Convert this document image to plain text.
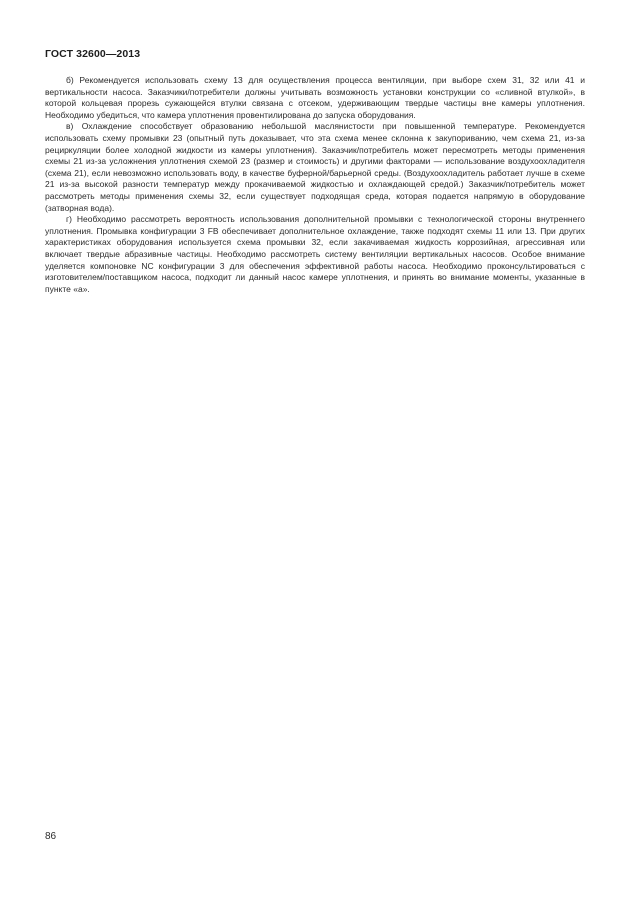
ГОСТ 32600—2013

б) Рекомендуется использовать схему 13 для осуществления процесса вентиляции, при выборе схем 31, 32 или 41 и вертикальности насоса. Заказчики/потребители должны учитывать возможность установки конструкции со «сливной втулкой», в которой кольцевая прорезь сужающейся втулки связана с отсеком, удерживающим твердые частицы вне камеры уплотнения. Необходимо убедиться, что камера уплотнения провентилирована до запуска оборудования.

в) Охлаждение способствует образованию небольшой маслянистости при повышенной температуре. Рекомендуется использовать схему промывки 23 (опытный путь доказывает, что эта схема менее склонна к закупориванию, чем схема 21, из-за рециркуляции более холодной жидкости из камеры уплотнения). Заказчик/потребитель может пересмотреть методы применения схемы 21 из-за усложнения уплотнения схемой 23 (размер и стоимость) и другими факторами — использование воздухоохладителя (схема 21), если невозможно использовать воду, в качестве буферной/барьерной среды. (Воздухоохладитель работает лучше в схеме 21 из-за высокой разности температур между прокачиваемой жидкостью и охлаждающей средой.) Заказчик/потребитель может рассмотреть методы применения схемы 32, если существует подходящая среда, которая подается напрямую в оборудование (затворная вода).

г) Необходимо рассмотреть вероятность использования дополнительной промывки с технологической стороны внутреннего уплотнения. Промывка конфигурации 3 FB обеспечивает дополнительное охлаждение, также подходят схемы 11 или 13. При других характеристиках оборудования используется схема промывки 32, если закачиваемая жидкость коррозийная, агрессивная или включает твердые абразивные частицы. Необходимо рассмотреть систему вентиляции вертикальных насосов. Особое внимание уделяется компоновке NC конфигурации 3 для обеспечения эффективной работы насоса. Необходимо проконсультироваться с изготовителем/поставщиком насоса, подходит ли данный насос камере уплотнения, и принять во внимание моменты, указанные в пункте «а».

86
